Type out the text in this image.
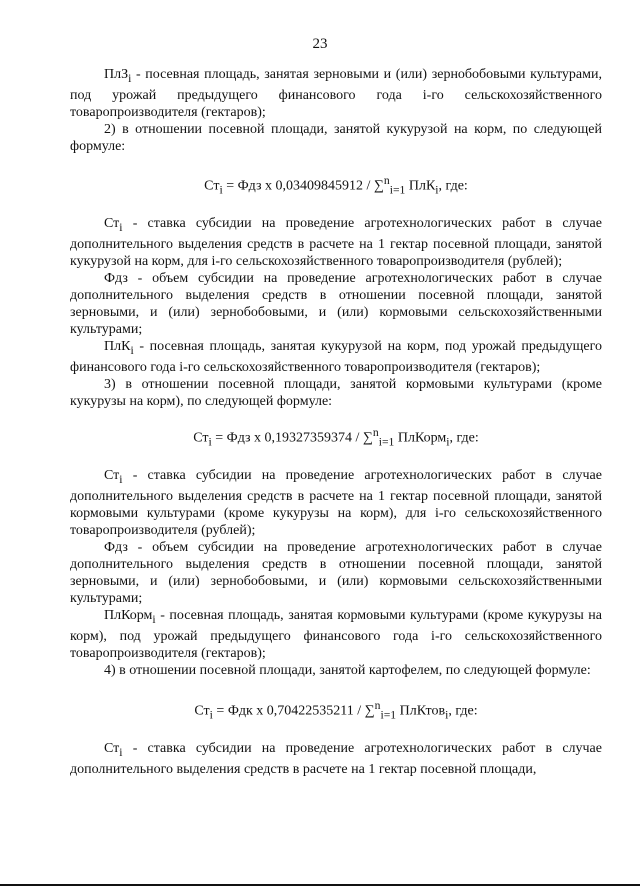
23

ПлЗ$_i$ - посевная площадь, занятая зерновыми и (или) зернобобовыми культурами, под урожай предыдущего финансового года i-го сельскохозяйственного товаропроизводителя (гектаров);

2) в отношении посевной площади, занятой кукурузой на корм, по следующей формуле:

$Ст_i$ = Фдз х 0,03409845912 / ∑$^n_{i=1}$ ПлК$_i$, где:

$Ст_i$ - ставка субсидии на проведение агротехнологических работ в случае дополнительного выделения средств в расчете на 1 гектар посевной площади, занятой кукурузой на корм, для i-го сельскохозяйственного товаропроизводителя (рублей);

Фдз - объем субсидии на проведение агротехнологических работ в случае дополнительного выделения средств в отношении посевной площади, занятой зерновыми, и (или) зернобобовыми, и (или) кормовыми сельскохозяйственными культурами;

ПлК$_i$ - посевная площадь, занятая кукурузой на корм, под урожай предыдущего финансового года i-го сельскохозяйственного товаропроизводителя (гектаров);

3) в отношении посевной площади, занятой кормовыми культурами (кроме кукурузы на корм), по следующей формуле:

$Ст_i$ = Фдз х 0,19327359374 / ∑$^n_{i=1}$ ПлКорм$_i$, где:

$Ст_i$ - ставка субсидии на проведение агротехнологических работ в случае дополнительного выделения средств в расчете на 1 гектар посевной площади, занятой кормовыми культурами (кроме кукурузы на корм), для i-го сельскохозяйственного товаропроизводителя (рублей);

Фдз - объем субсидии на проведение агротехнологических работ в случае дополнительного выделения средств в отношении посевной площади, занятой зерновыми, и (или) зернобобовыми, и (или) кормовыми сельскохозяйственными культурами;

ПлКорм$_i$ - посевная площадь, занятая кормовыми культурами (кроме кукурузы на корм), под урожай предыдущего финансового года i-го сельскохозяйственного товаропроизводителя (гектаров);

4) в отношении посевной площади, занятой картофелем, по следующей формуле:

$Ст_i$ = Фдк х 0,70422535211 / ∑$^n_{i=1}$ ПлКтов$_i$, где:

$Ст_i$ - ставка субсидии на проведение агротехнологических работ в случае дополнительного выделения средств в расчете на 1 гектар посевной площади,
